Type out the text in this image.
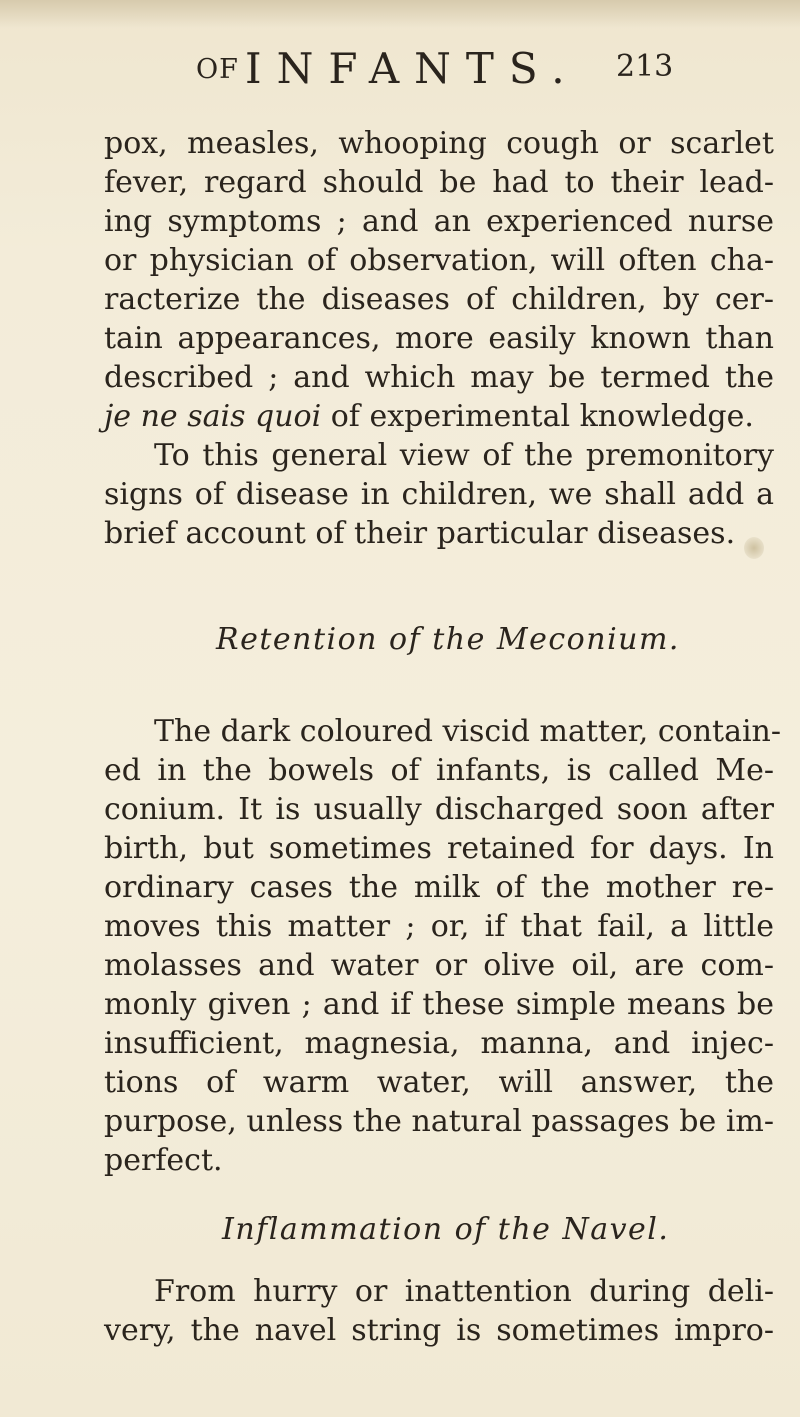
OF INFANTS. 213
pox, measles, whooping cough or scarlet
fever, regard should be had to their lead-
ing symptoms ; and an experienced nurse
or physician of observation, will often cha-
racterize the diseases of children, by cer-
tain appearances, more easily known than
described ; and which may be termed the
je ne sais quoi of experimental knowledge.
To this general view of the premonitory
signs of disease in children, we shall add a
brief account of their particular diseases.
Retention of the Meconium.
The dark coloured viscid matter, contain-
ed in the bowels of infants, is called Me-
conium. It is usually discharged soon after
birth, but sometimes retained for days. In
ordinary cases the milk of the mother re-
moves this matter ; or, if that fail, a little
molasses and water or olive oil, are com-
monly given ; and if these simple means be
insufficient, magnesia, manna, and injec-
tions of warm water, will answer, the
purpose, unless the natural passages be im-
perfect.
Inflammation of the Navel.
From hurry or inattention during deli-
very, the navel string is sometimes impro-
